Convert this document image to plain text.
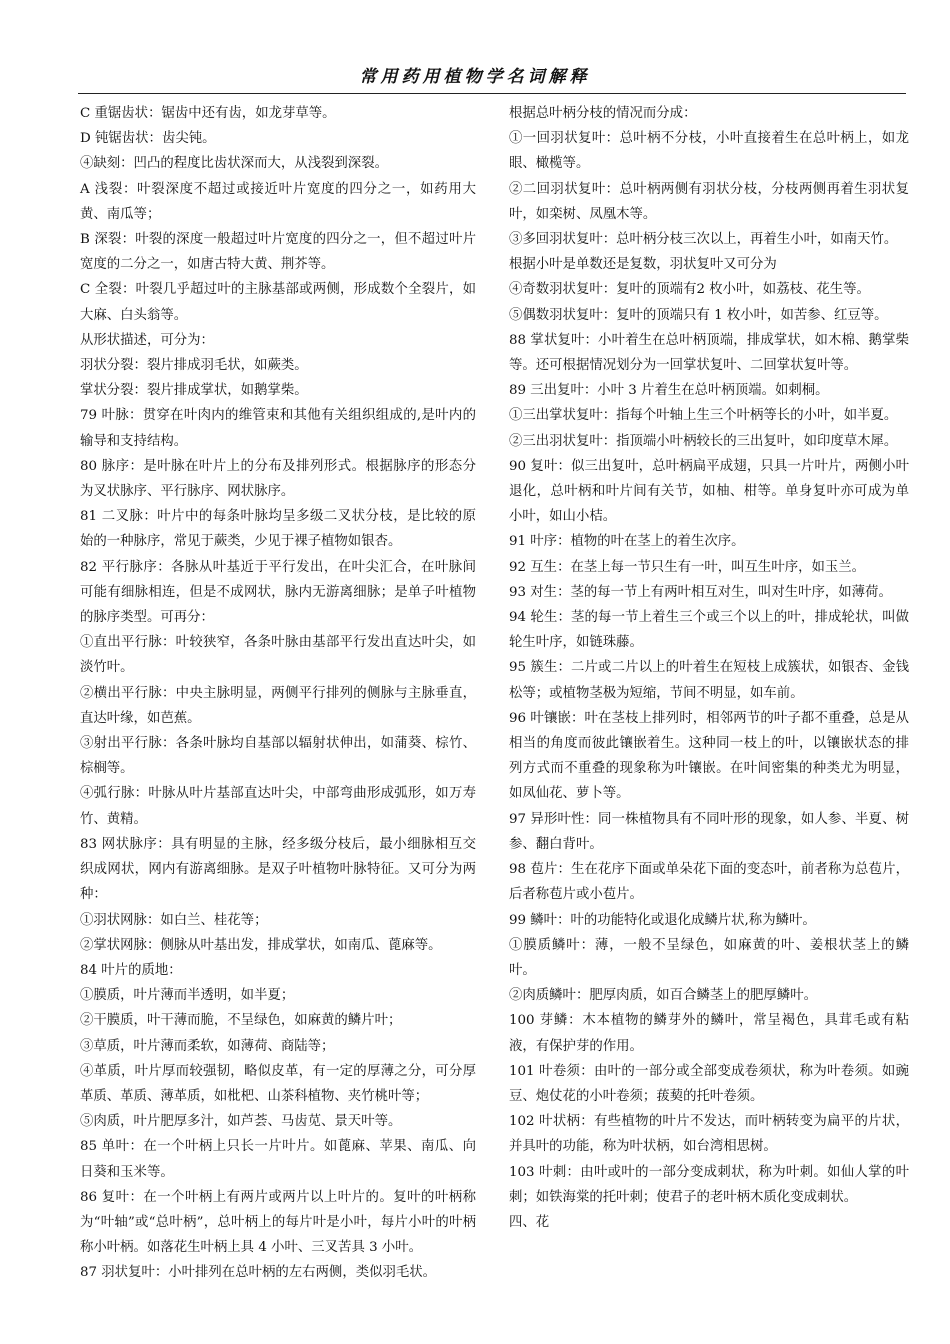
常用药用植物学名词解释
C 重锯齿状：锯齿中还有齿，如龙芽草等。
D 钝锯齿状：齿尖钝。
④缺刻：凹凸的程度比齿状深而大，从浅裂到深裂。
A 浅裂：叶裂深度不超过或接近叶片宽度的四分之一，如药用大黄、南瓜等；
B 深裂：叶裂的深度一般超过叶片宽度的四分之一，但不超过叶片宽度的二分之一，如唐古特大黄、荆芥等。
C 全裂：叶裂几乎超过叶的主脉基部或两侧，形成数个全裂片，如大麻、白头翁等。
从形状描述，可分为：
羽状分裂：裂片排成羽毛状，如蕨类。
掌状分裂：裂片排成掌状，如鹅掌柴。
79 叶脉：贯穿在叶肉内的维管束和其他有关组织组成的,是叶内的输导和支持结构。
80 脉序：是叶脉在叶片上的分布及排列形式。根据脉序的形态分为叉状脉序、平行脉序、网状脉序。
81 二叉脉：叶片中的每条叶脉均呈多级二叉状分枝，是比较的原始的一种脉序，常见于蕨类，少见于裸子植物如银杏。
82 平行脉序：各脉从叶基近于平行发出，在叶尖汇合，在叶脉间可能有细脉相连，但是不成网状，脉内无游离细脉；是单子叶植物的脉序类型。可再分：
①直出平行脉：叶较狭窄，各条叶脉由基部平行发出直达叶尖，如淡竹叶。
②横出平行脉：中央主脉明显，两侧平行排列的侧脉与主脉垂直，直达叶缘，如芭蕉。
③射出平行脉：各条叶脉均自基部以辐射状伸出，如蒲葵、棕竹、棕榈等。
④弧行脉：叶脉从叶片基部直达叶尖，中部弯曲形成弧形，如万寿竹、黄精。
83 网状脉序：具有明显的主脉，经多级分枝后，最小细脉相互交织成网状，网内有游离细脉。是双子叶植物叶脉特征。又可分为两种：
①羽状网脉：如白兰、桂花等；
②掌状网脉：侧脉从叶基出发，排成掌状，如南瓜、蓖麻等。
84 叶片的质地：
①膜质，叶片薄而半透明，如半夏；
②干膜质，叶干薄而脆，不呈绿色，如麻黄的鳞片叶；
③草质，叶片薄而柔软，如薄荷、商陆等；
④革质，叶片厚而较强韧，略似皮革，有一定的厚薄之分，可分厚革质、革质、薄革质，如枇杷、山茶科植物、夹竹桃叶等；
⑤肉质，叶片肥厚多汁，如芦荟、马齿苋、景天叶等。
85 单叶：在一个叶柄上只长一片叶片。如蓖麻、苹果、南瓜、向日葵和玉米等。
86 复叶：在一个叶柄上有两片或两片以上叶片的。复叶的叶柄称为“叶轴”或“总叶柄”，总叶柄上的每片叶是小叶，每片小叶的叶柄称小叶柄。如落花生叶柄上具 4 小叶、三叉苦具 3 小叶。
87 羽状复叶：小叶排列在总叶柄的左右两侧，类似羽毛状。
根据总叶柄分枝的情况而分成：
①一回羽状复叶：总叶柄不分枝，小叶直接着生在总叶柄上，如龙眼、橄榄等。
②二回羽状复叶：总叶柄两侧有羽状分枝，分枝两侧再着生羽状复叶，如栾树、凤凰木等。
③多回羽状复叶：总叶柄分枝三次以上，再着生小叶，如南天竹。
根据小叶是单数还是复数，羽状复叶又可分为
④奇数羽状复叶：复叶的顶端有2 枚小叶，如荔枝、花生等。
⑤偶数羽状复叶：复叶的顶端只有 1 枚小叶，如苦参、红豆等。
88 掌状复叶：小叶着生在总叶柄顶端，排成掌状，如木棉、鹅掌柴等。还可根据情况划分为一回掌状复叶、二回掌状复叶等。
89 三出复叶：小叶 3 片着生在总叶柄顶端。如刺桐。
①三出掌状复叶：指每个叶轴上生三个叶柄等长的小叶，如半夏。
②三出羽状复叶：指顶端小叶柄较长的三出复叶，如印度草木犀。
90 复叶：似三出复叶，总叶柄扁平成翅，只具一片叶片，两侧小叶退化，总叶柄和叶片间有关节，如柚、柑等。单身复叶亦可成为单小叶，如山小桔。
91 叶序：植物的叶在茎上的着生次序。
92 互生：在茎上每一节只生有一叶，叫互生叶序，如玉兰。
93 对生：茎的每一节上有两叶相互对生，叫对生叶序，如薄荷。
94 轮生：茎的每一节上着生三个或三个以上的叶，排成轮状，叫做轮生叶序，如链珠藤。
95 簇生：二片或二片以上的叶着生在短枝上成簇状，如银杏、金钱松等；或植物茎极为短缩，节间不明显，如车前。
96 叶镶嵌：叶在茎枝上排列时，相邻两节的叶子都不重叠，总是从相当的角度而彼此镶嵌着生。这种同一枝上的叶，以镶嵌状态的排列方式而不重叠的现象称为叶镶嵌。在叶间密集的种类尤为明显，如凤仙花、萝卜等。
97 异形叶性：同一株植物具有不同叶形的现象，如人参、半夏、树参、翻白背叶。
98 苞片：生在花序下面或单朵花下面的变态叶，前者称为总苞片，后者称苞片或小苞片。
99 鳞叶：叶的功能特化或退化成鳞片状,称为鳞叶。
①膜质鳞叶：薄，一般不呈绿色，如麻黄的叶、姜根状茎上的鳞叶。
②肉质鳞叶：肥厚肉质，如百合鳞茎上的肥厚鳞叶。
100 芽鳞：木本植物的鳞芽外的鳞叶，常呈褐色，具茸毛或有粘液，有保护芽的作用。
101 叶卷须：由叶的一部分或全部变成卷须状，称为叶卷须。如豌豆、炮仗花的小叶卷须；菝葜的托叶卷须。
102 叶状柄：有些植物的叶片不发达，而叶柄转变为扁平的片状，并具叶的功能，称为叶状柄，如台湾相思树。
103 叶刺：由叶或叶的一部分变成刺状，称为叶刺。如仙人掌的叶刺；如铁海棠的托叶刺；使君子的老叶柄木质化变成刺状。
四、花
